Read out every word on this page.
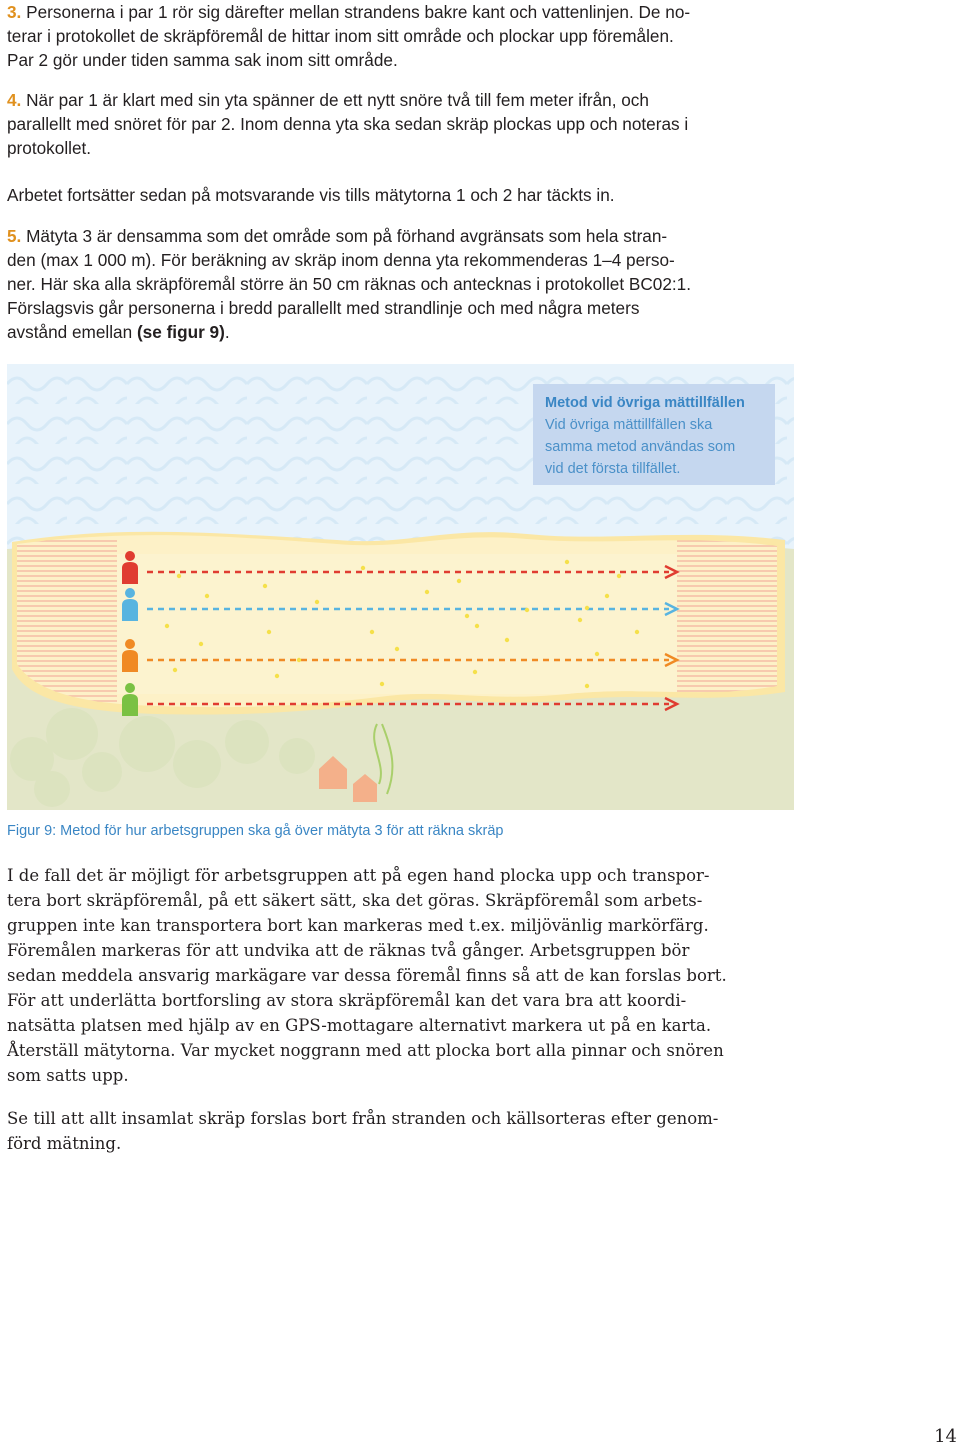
3. Personerna i par 1 rör sig därefter mellan strandens bakre kant och vattenlinjen. De no-

terar i protokollet de skräpföremål de hittar inom sitt område och plockar upp föremålen.

Par 2 gör under tiden samma sak inom sitt område.

4. När par 1 är klart med sin yta spänner de ett nytt snöre två till fem meter ifrån, och

parallellt med snöret för par 2. Inom denna yta ska sedan skräp plockas upp och noteras i

protokollet.

Arbetet fortsätter sedan på motsvarande vis tills mätytorna 1 och 2 har täckts in.

5. Mätyta 3 är densamma som det område som på förhand avgränsats som hela stran-

den (max 1 000 m). För beräkning av skräp inom denna yta rekommenderas 1–4 perso-

ner. Här ska alla skräpföremål större än 50 cm räknas och antecknas i protokollet BC02:1.

Förslagsvis går personerna i bredd parallellt med strandlinje och med några meters

avstånd emellan (se figur 9).

Metod vid övriga mättillfällen
Vid övriga mättillfällen ska
samma metod användas som
vid det första tillfället.
Figur 9: Metod för hur arbetsgruppen ska gå över mätyta 3 för att räkna skräp
I de fall det är möjligt för arbetsgruppen att på egen hand plocka upp och transpor-
tera bort skräpföremål, på ett säkert sätt, ska det göras. Skräpföremål som arbets-
gruppen inte kan transportera bort kan markeras med t.ex. miljövänlig markörfärg.
Föremålen markeras för att undvika att de räknas två gånger. Arbetsgruppen bör
sedan meddela ansvarig markägare var dessa föremål finns så att de kan forslas bort.
För att underlätta bortforsling av stora skräpföremål kan det vara bra att koordi-
natsätta platsen med hjälp av en GPS-mottagare alternativt markera ut på en karta.
Återställ mätytorna. Var mycket noggrann med att plocka bort alla pinnar och snören
som satts upp.
Se till att allt insamlat skräp forslas bort från stranden och källsorteras efter genom-
förd mätning.
14
